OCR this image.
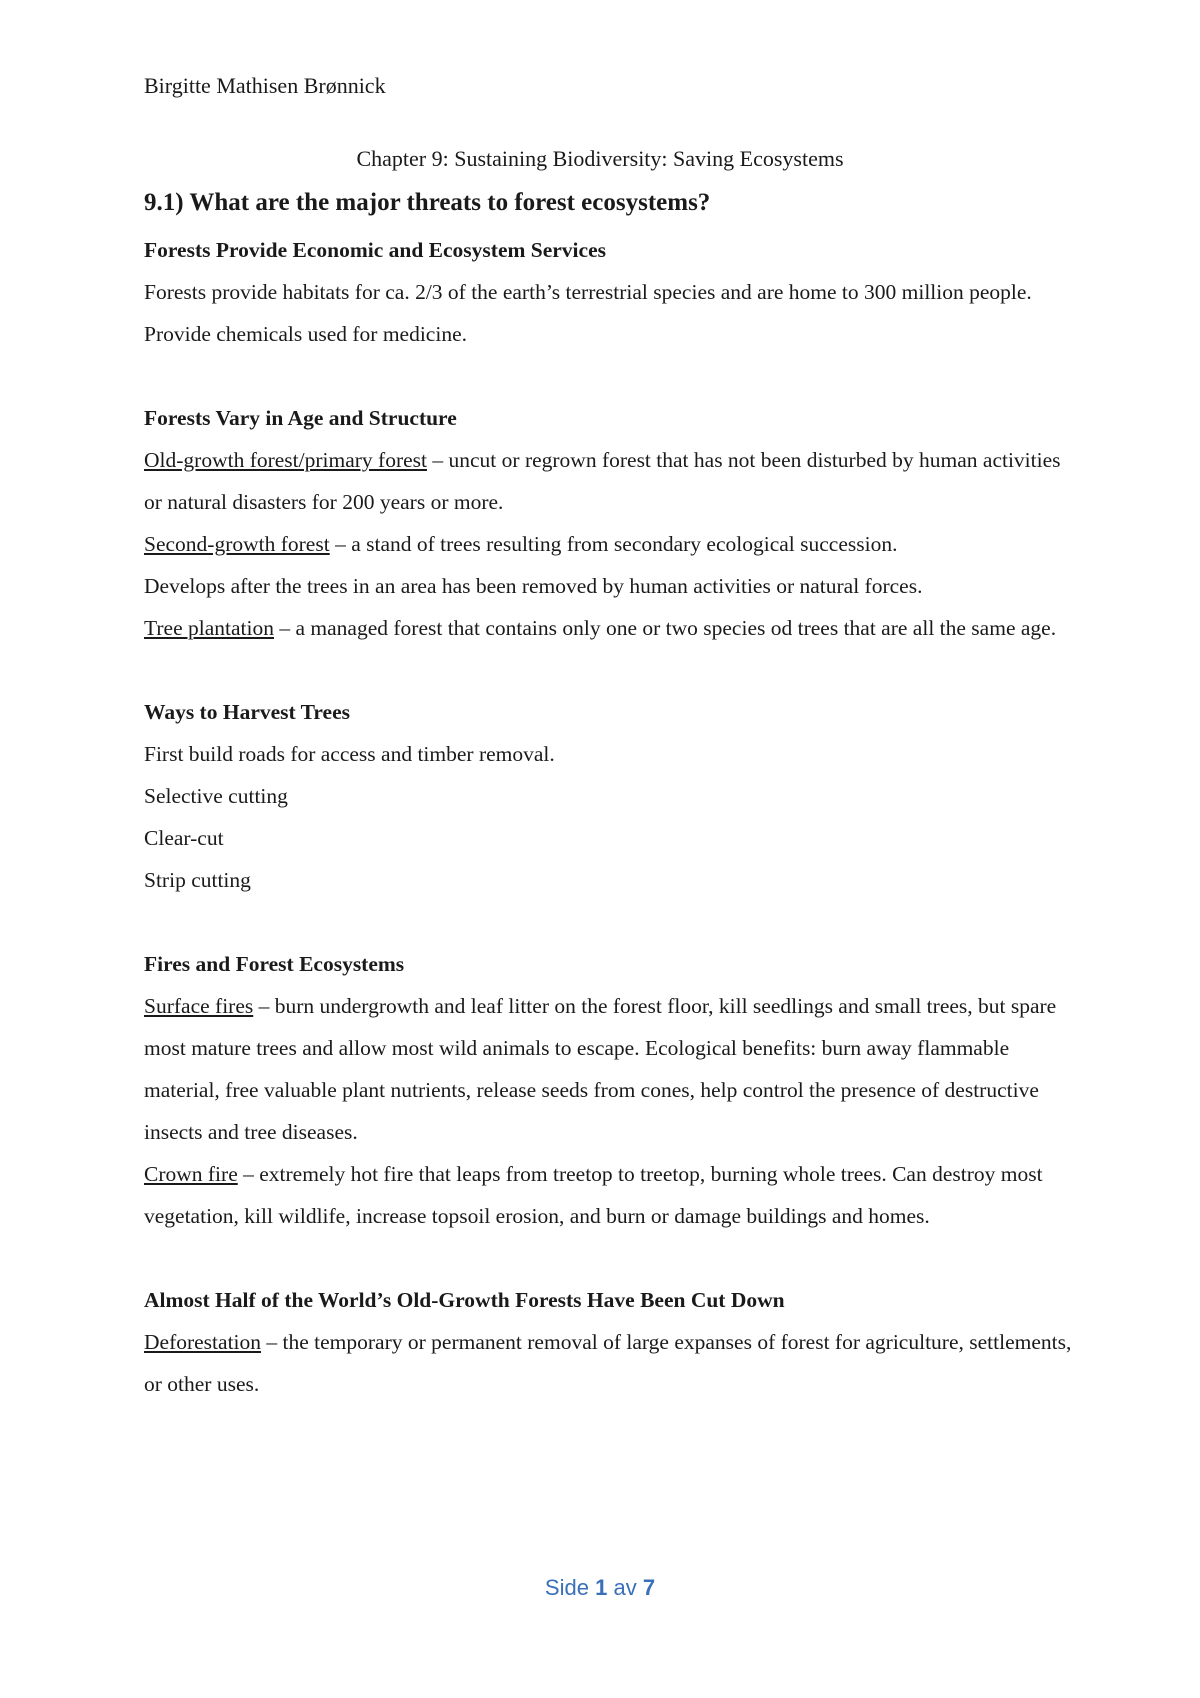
Birgitte Mathisen Brønnick
Chapter 9: Sustaining Biodiversity: Saving Ecosystems
9.1) What are the major threats to forest ecosystems?

Forests Provide Economic and Ecosystem Services

Forests provide habitats for ca. 2/3 of the earth’s terrestrial species and are home to 300 million people.

Provide chemicals used for medicine.

Forests Vary in Age and Structure

Old-growth forest/primary forest – uncut or regrown forest that has not been disturbed by human activities or natural disasters for 200 years or more.

Second-growth forest – a stand of trees resulting from secondary ecological succession.

Develops after the trees in an area has been removed by human activities or natural forces.

Tree plantation – a managed forest that contains only one or two species od trees that are all the same age.

Ways to Harvest Trees

First build roads for access and timber removal.

Selective cutting

Clear-cut

Strip cutting

Fires and Forest Ecosystems

Surface fires – burn undergrowth and leaf litter on the forest floor, kill seedlings and small trees, but spare most mature trees and allow most wild animals to escape. Ecological benefits: burn away flammable material, free valuable plant nutrients, release seeds from cones, help control the presence of destructive insects and tree diseases.

Crown fire – extremely hot fire that leaps from treetop to treetop, burning whole trees. Can destroy most vegetation, kill wildlife, increase topsoil erosion, and burn or damage buildings and homes.

Almost Half of the World’s Old-Growth Forests Have Been Cut Down

Deforestation – the temporary or permanent removal of large expanses of forest for agriculture, settlements, or other uses.

Side 1 av 7
